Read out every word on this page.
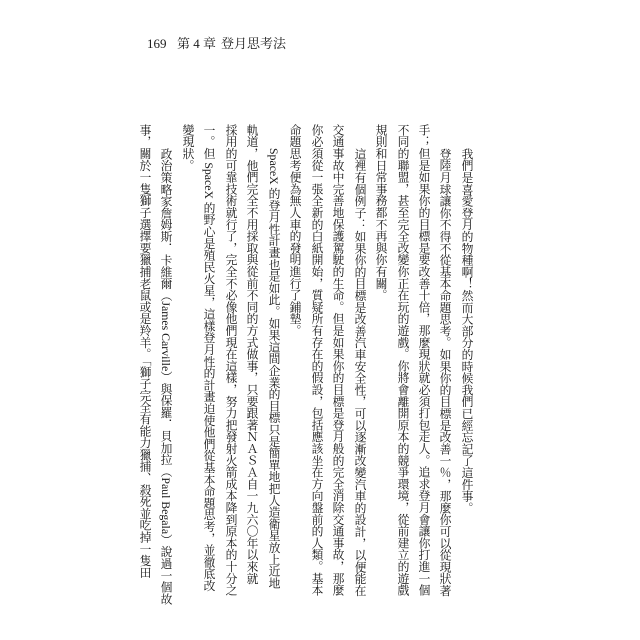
169 第 4 章 登月思考法
我們是喜愛登月的物種啊！然而大部分的時候我們已經忘記了這件事。
登陸月球讓你不得不從基本命題思考。如果你的目標是改善一％，那麼你可以從現狀著
手；但是如果你的目標是要改善十倍，那麼現狀就必須打包走人。追求登月會讓你打進一個
不同的聯盟，甚至完全改變你正在玩的遊戲。你將會離開原本的競爭環境，從前建立的遊戲
規則和日常事務都不再與你有關。
這裡有個例子：如果你的目標是改善汽車安全性，可以逐漸改變汽車的設計，以便能在
交通事故中完善地保護駕駛的生命。但是如果你的目標是登月般的完全消除交通事故，那麼
你必須從一張全新的白紙開始，質疑所有存在的假設，包括應該坐在方向盤前的人類。基本
命題思考便為無人車的發明進行了鋪墊。
SpaceX 的登月性計畫也是如此。如果這間企業的目標只是簡單地把人造衛星放上近地
軌道，他們完全不用採取與從前不同的方式做事，只要跟著ＮＡＳＡ自一九六〇年以來就
採用的可靠技術就行了，完全不必像他們現在這樣，努力把發射火箭成本降到原本的十分之
一。但 SpaceX 的野心是殖民火星，這樣登月性的計畫迫使他們從基本命題思考，並徹底改
變現狀。
政治策略家詹姆斯．卡維爾（James Carville）與保羅．貝加拉（Paul Begala）說過一個故
事，關於一隻獅子選擇要獵捕老鼠或是羚羊。「獅子完全有能力獵捕、殺死並吃掉一隻田
